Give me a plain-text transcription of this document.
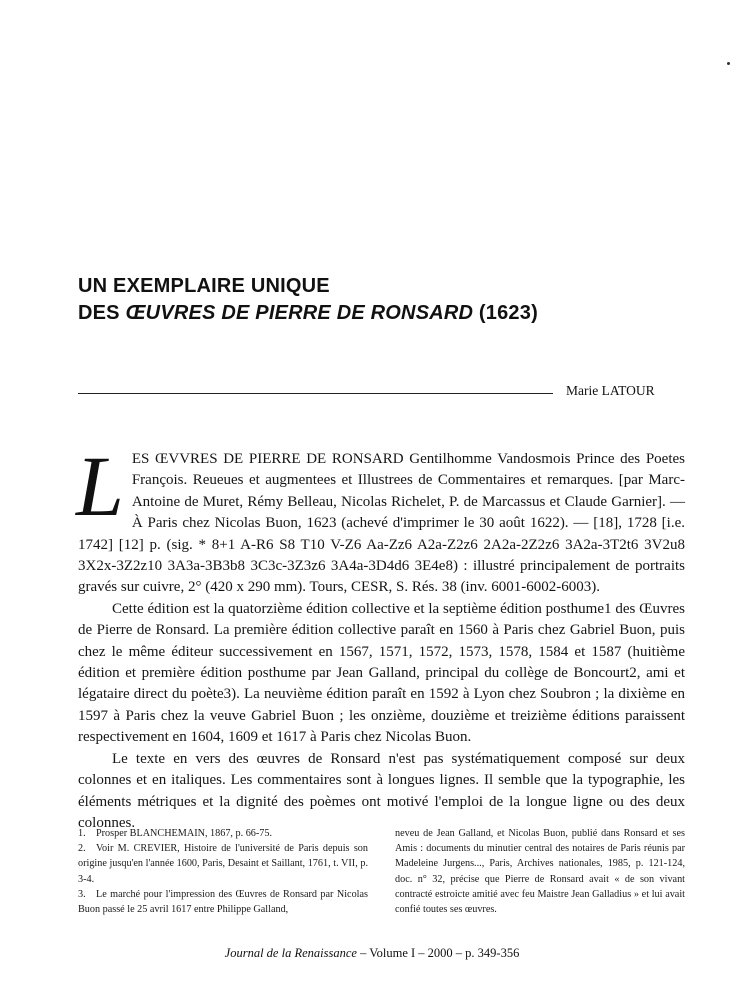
UN EXEMPLAIRE UNIQUE
DES ŒUVRES DE PIERRE DE RONSARD (1623)
Marie LATOUR

LES ŒVVRES DE PIERRE DE RONSARD Gentilhomme Vandosmois Prince des Poetes François. Reueues et augmentees et Illustrees de Commentaires et remarques. [par Marc-Antoine de Muret, Rémy Belleau, Nicolas Richelet, P. de Marcassus et Claude Garnier]. — À Paris chez Nicolas Buon, 1623 (achevé d'imprimer le 30 août 1622). — [18], 1728 [i.e. 1742] [12] p. (sig. * 8+1 A-R6 S8 T10 V-Z6 Aa-Zz6 A2a-Z2z6 2A2a-2Z2z6 3A2a-3T2t6 3V2u8 3X2x-3Z2z10 3A3a-3B3b8 3C3c-3Z3z6 3A4a-3D4d6 3E4e8) : illustré principalement de portraits gravés sur cuivre, 2° (420 x 290 mm). Tours, CESR, S. Rés. 38 (inv. 6001-6002-6003).

Cette édition est la quatorzième édition collective et la septième édition posthume1 des Œuvres de Pierre de Ronsard. La première édition collective paraît en 1560 à Paris chez Gabriel Buon, puis chez le même éditeur successivement en 1567, 1571, 1572, 1573, 1578, 1584 et 1587 (huitième édition et première édition posthume par Jean Galland, principal du collège de Boncourt2, ami et légataire direct du poète3). La neuvième édition paraît en 1592 à Lyon chez Soubron ; la dixième en 1597 à Paris chez la veuve Gabriel Buon ; les onzième, douzième et treizième éditions paraissent respectivement en 1604, 1609 et 1617 à Paris chez Nicolas Buon.

Le texte en vers des œuvres de Ronsard n'est pas systématiquement composé sur deux colonnes et en italiques. Les commentaires sont à longues lignes. Il semble que la typographie, les éléments métriques et la dignité des poèmes ont motivé l'emploi de la longue ligne ou des deux colonnes.

1. Prosper BLANCHEMAIN, 1867, p. 66-75.
2. Voir M. CREVIER, Histoire de l'université de Paris depuis son origine jusqu'en l'année 1600, Paris, Desaint et Saillant, 1761, t. VII, p. 3-4.
3. Le marché pour l'impression des Œuvres de Ronsard par Nicolas Buon passé le 25 avril 1617 entre Philippe Galland,
neveu de Jean Galland, et Nicolas Buon, publié dans Ronsard et ses Amis : documents du minutier central des notaires de Paris réunis par Madeleine Jurgens..., Paris, Archives nationales, 1985, p. 121-124, doc. n° 32, précise que Pierre de Ronsard avait « de son vivant contracté estroicte amitié avec feu Maistre Jean Galladius » et lui avait confié toutes ses œuvres.
Journal de la Renaissance – Volume I – 2000 – p. 349-356
